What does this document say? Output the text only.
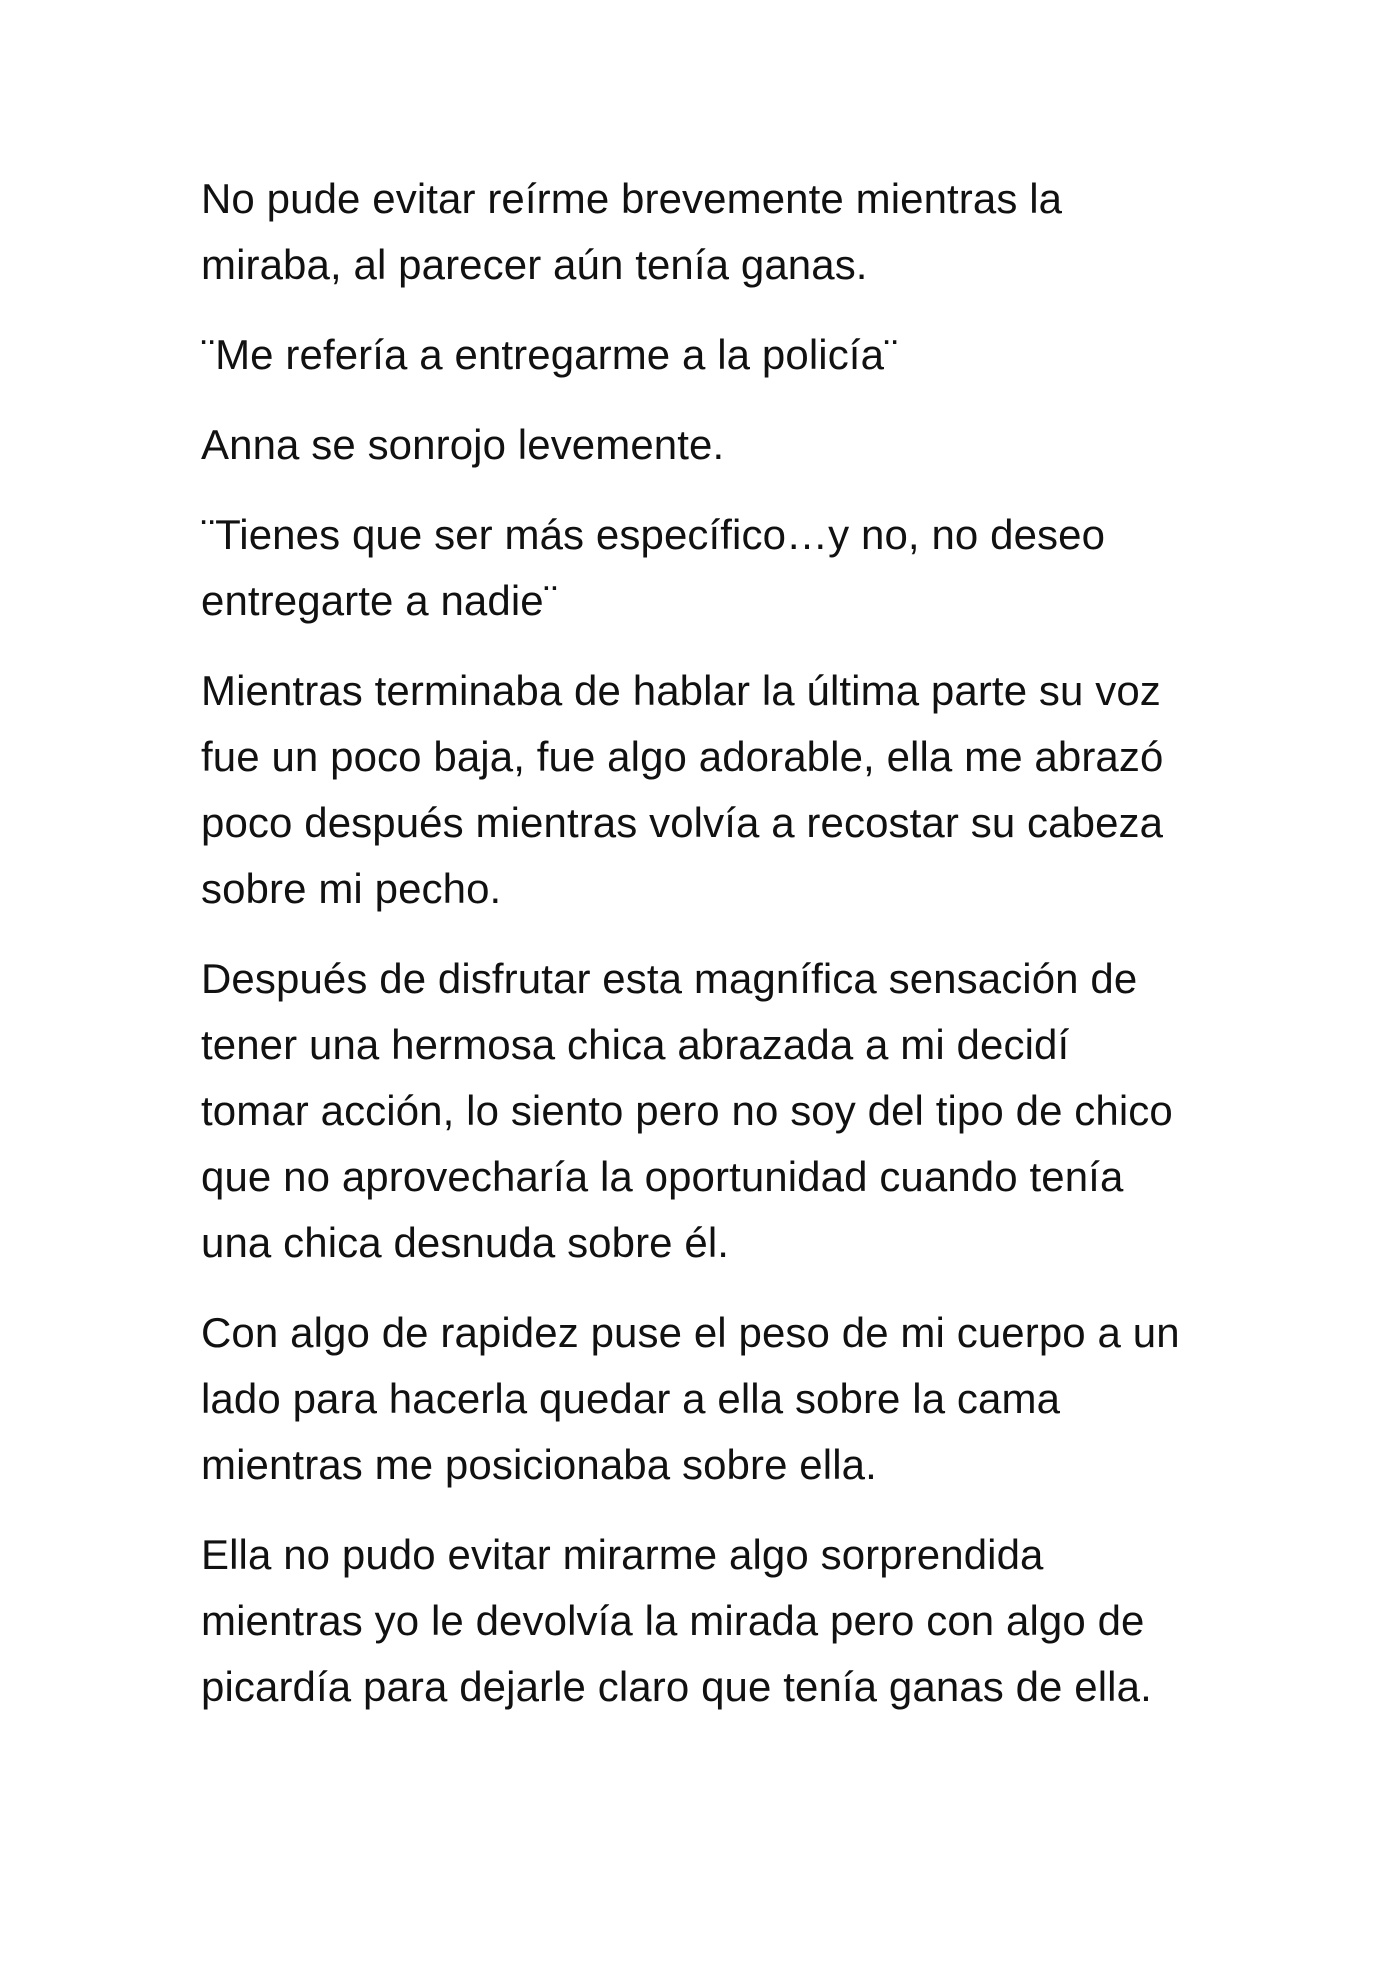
No pude evitar reírme brevemente mientras la
miraba, al parecer aún tenía ganas.

¨Me refería a entregarme a la policía¨

Anna se sonrojo levemente.

¨Tienes que ser más específico…y no, no deseo
entregarte a nadie¨

Mientras terminaba de hablar la última parte su voz
fue un poco baja, fue algo adorable, ella me abrazó
poco después mientras volvía a recostar su cabeza
sobre mi pecho.

Después de disfrutar esta magnífica sensación de
tener una hermosa chica abrazada a mi decidí
tomar acción, lo siento pero no soy del tipo de chico
que no aprovecharía la oportunidad cuando tenía
una chica desnuda sobre él.

Con algo de rapidez puse el peso de mi cuerpo a un
lado para hacerla quedar a ella sobre la cama
mientras me posicionaba sobre ella.

Ella no pudo evitar mirarme algo sorprendida
mientras yo le devolvía la mirada pero con algo de
picardía para dejarle claro que tenía ganas de ella.
